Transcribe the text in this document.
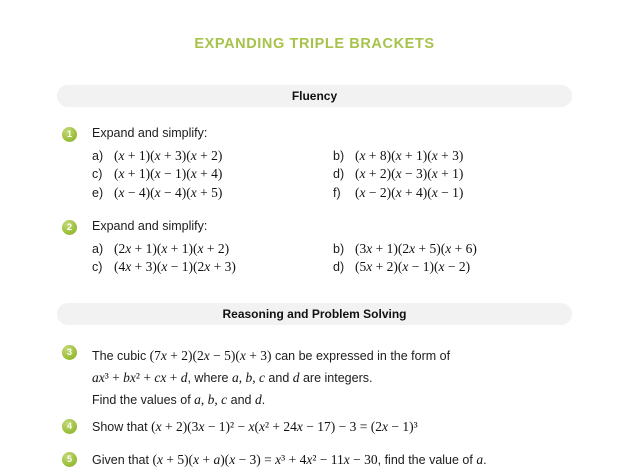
EXPANDING TRIPLE BRACKETS
Fluency
1	Expand and simplify:
a) (x + 1)(x + 3)(x + 2)	b) (x + 8)(x + 1)(x + 3)
c) (x + 1)(x − 1)(x + 4)	d) (x + 2)(x − 3)(x + 1)
e) (x − 4)(x − 4)(x + 5)	f)	(x − 2)(x + 4)(x − 1)
2	Expand and simplify:
a) (2x + 1)(x + 1)(x + 2)	b) (3x + 1)(2x + 5)(x + 6)
c) (4x + 3)(x − 1)(2x + 3)	d) (5x + 2)(x − 1)(x − 2)
Reasoning and Problem Solving
3	The cubic (7x + 2)(2x − 5)(x + 3) can be expressed in the form of
ax³ + bx² + cx + d, where a, b, c and d are integers.
Find the values of a, b, c and d.
4	Show that (x + 2)(3x − 1)² − x(x² + 24x − 17) − 3 = (2x − 1)³
5	Given that (x + 5)(x + a)(x − 3) = x³ + 4x² − 11x − 30, find the value of a.
